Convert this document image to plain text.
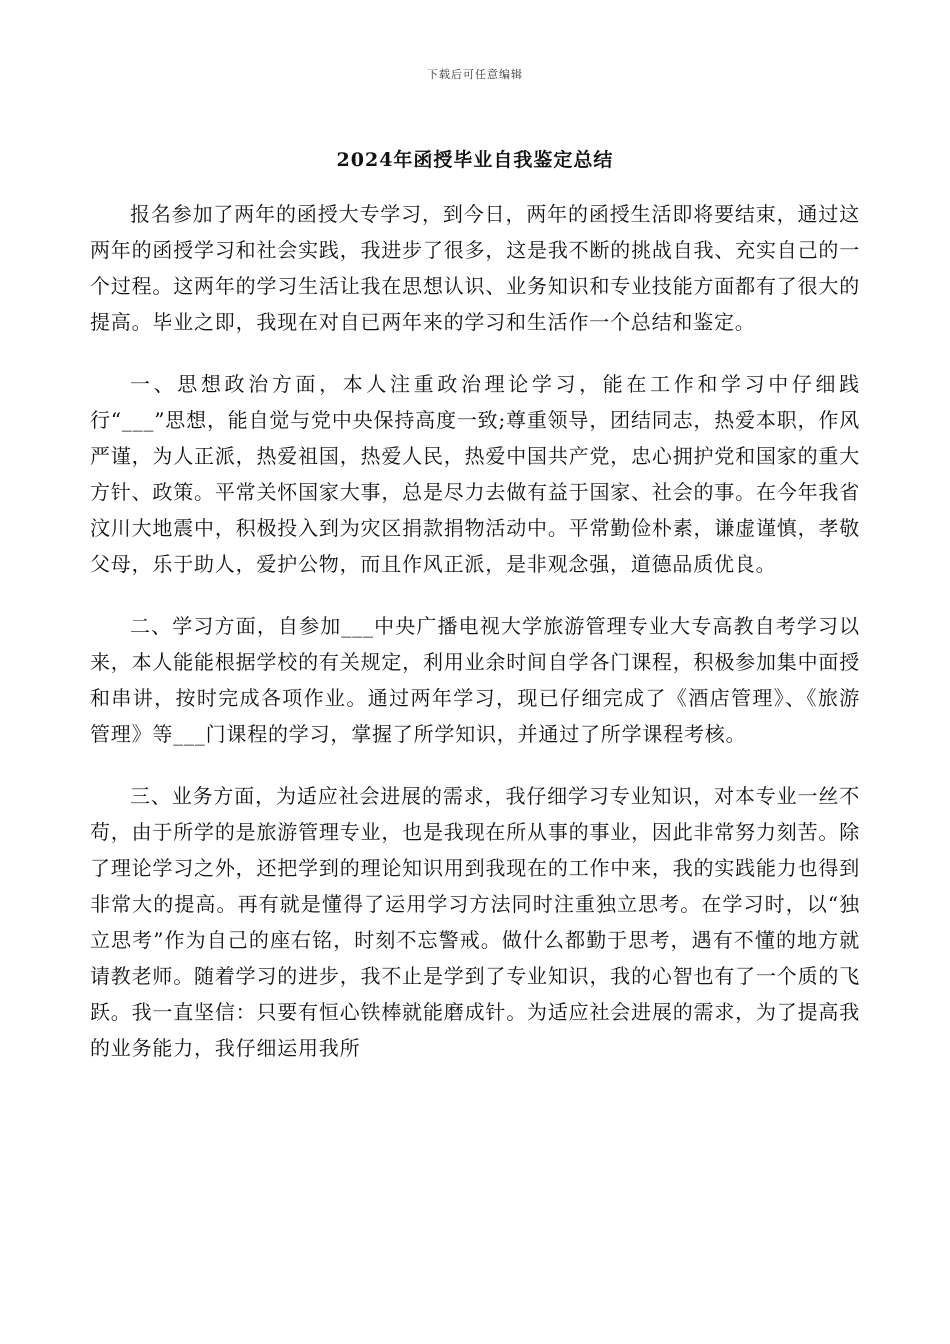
下载后可任意编辑
2024年函授毕业自我鉴定总结

报名参加了两年的函授大专学习，到今日，两年的函授生活即将要结束，通过这两年的函授学习和社会实践，我进步了很多，这是我不断的挑战自我、充实自己的一个过程。这两年的学习生活让我在思想认识、业务知识和专业技能方面都有了很大的提高。毕业之即，我现在对自已两年来的学习和生活作一个总结和鉴定。

一、思想政治方面，本人注重政治理论学习，能在工作和学习中仔细践行“___”思想，能自觉与党中央保持高度一致;尊重领导，团结同志，热爱本职，作风严谨，为人正派，热爱祖国，热爱人民，热爱中国共产党，忠心拥护党和国家的重大方针、政策。平常关怀国家大事，总是尽力去做有益于国家、社会的事。在今年我省汶川大地震中，积极投入到为灾区捐款捐物活动中。平常勤俭朴素，谦虚谨慎，孝敬父母，乐于助人，爱护公物，而且作风正派，是非观念强，道德品质优良。

二、学习方面，自参加___中央广播电视大学旅游管理专业大专高教自考学习以来，本人能能根据学校的有关规定，利用业余时间自学各门课程，积极参加集中面授和串讲，按时完成各项作业。通过两年学习，现已仔细完成了《酒店管理》、《旅游管理》等___门课程的学习，掌握了所学知识，并通过了所学课程考核。

三、业务方面，为适应社会进展的需求，我仔细学习专业知识，对本专业一丝不苟，由于所学的是旅游管理专业，也是我现在所从事的事业，因此非常努力刻苦。除了理论学习之外，还把学到的理论知识用到我现在的工作中来，我的实践能力也得到非常大的提高。再有就是懂得了运用学习方法同时注重独立思考。在学习时，以“独立思考”作为自己的座右铭，时刻不忘警戒。做什么都勤于思考，遇有不懂的地方就请教老师。随着学习的进步，我不止是学到了专业知识，我的心智也有了一个质的飞跃。我一直坚信：只要有恒心铁棒就能磨成针。为适应社会进展的需求，为了提高我的业务能力，我仔细运用我所
